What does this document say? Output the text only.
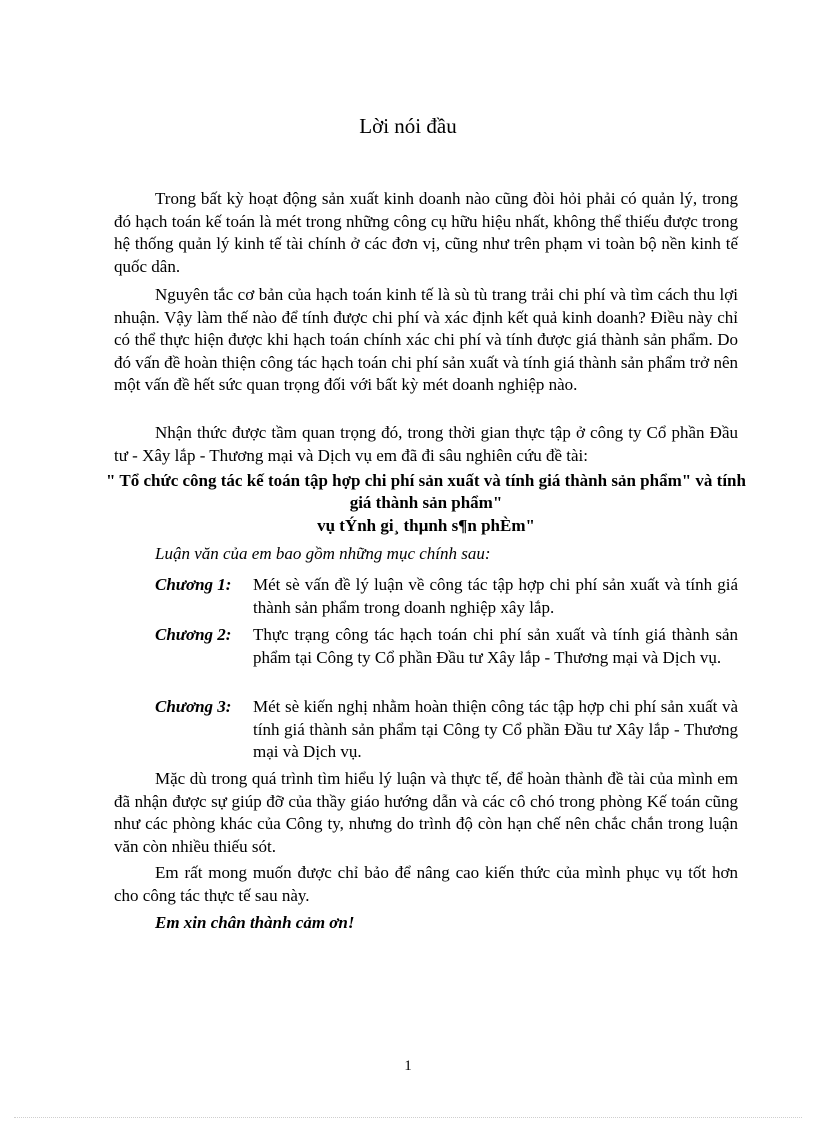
Lời nói đầu

Trong bất kỳ hoạt động sản xuất kinh doanh nào cũng đòi hỏi phải có quản lý, trong đó hạch toán kế toán là mét trong những công cụ hữu hiệu nhất, không thể thiếu được trong hệ thống quản lý kinh tế tài chính ở các đơn vị, cũng như trên phạm vi toàn bộ nền kinh tế quốc dân.

Nguyên tắc cơ bản của hạch toán kinh tế là sù tù trang trải chi phí và tìm cách thu lợi nhuận. Vậy làm thế nào để tính được chi phí và xác định kết quả kinh doanh? Điều này chỉ có thể thực hiện được khi hạch toán chính xác chi phí và tính được giá thành sản phẩm. Do đó vấn đề hoàn thiện công tác hạch toán chi phí sản xuất và tính giá thành sản phẩm trở nên một vấn đề hết sức quan trọng đối với bất kỳ mét doanh nghiệp nào.

Nhận thức được tầm quan trọng đó, trong thời gian thực tập ở công ty Cổ phần Đầu tư - Xây lắp - Thương mại và Dịch vụ em đã đi sâu nghiên cứu đề tài:

" Tổ chức công tác kế toán tập hợp chi phí sản xuất và tính giá thành sản phẩm" và tính giá thành sản phẩm"

vụ tÝnh gi¸ thµnh s¶n phÈm"

Luận văn của em bao gồm những mục chính sau:
Chương 1: Mét sè vấn đề lý luận về công tác tập hợp chi phí sản xuất và tính giá thành sản phẩm trong doanh nghiệp xây lắp.
Chương 2: Thực trạng công tác hạch toán chi phí sản xuất và tính giá thành sản phẩm tại Công ty Cổ phần Đầu tư Xây lắp - Thương mại và Dịch vụ.
Chương 3: Mét sè kiến nghị nhằm hoàn thiện công tác tập hợp chi phí sản xuất và tính giá thành sản phẩm tại Công ty Cổ phần Đầu tư Xây lắp - Thương mại và Dịch vụ.

Mặc dù trong quá trình tìm hiểu lý luận và thực tế, để hoàn thành đề tài của mình em đã nhận được sự giúp đỡ của thầy giáo hướng dẫn và các cô chó trong phòng Kế toán cũng như các phòng khác của Công ty, nhưng do trình độ còn hạn chế nên chắc chắn trong luận văn còn nhiều thiếu sót.

Em rất mong muốn được chỉ bảo để nâng cao kiến thức của mình phục vụ tốt hơn cho công tác thực tế sau này.

Em xin chân thành cảm ơn!
1
